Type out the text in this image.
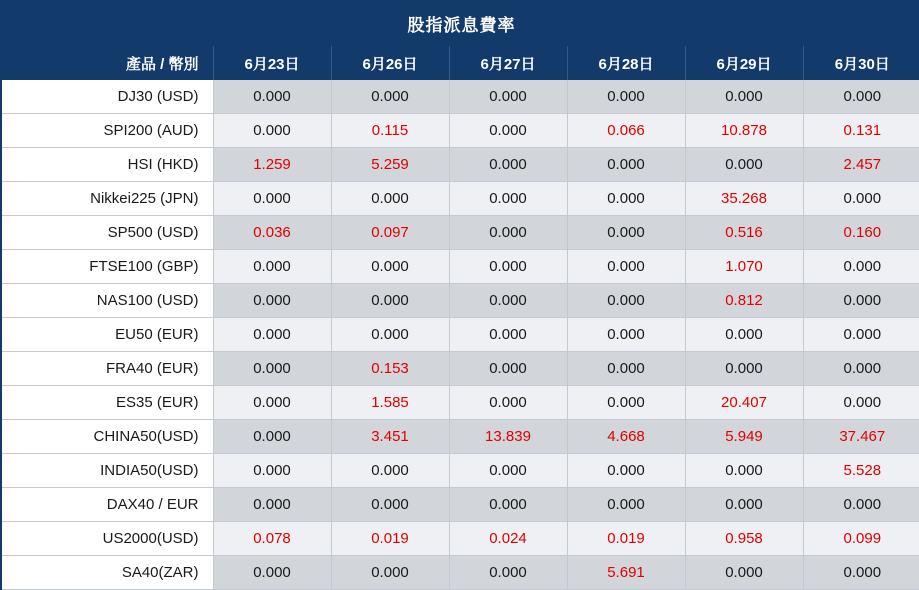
股指派息費率						
產品 / 幣別	6月23日	6月26日	6月27日	6月28日	6月29日	6月30日
DJ30 (USD)	0.000	0.000	0.000	0.000	0.000	0.000
SPI200 (AUD)	0.000	0.115	0.000	0.066	10.878	0.131
HSI (HKD)	1.259	5.259	0.000	0.000	0.000	2.457
Nikkei225 (JPN)	0.000	0.000	0.000	0.000	35.268	0.000
SP500 (USD)	0.036	0.097	0.000	0.000	0.516	0.160
FTSE100 (GBP)	0.000	0.000	0.000	0.000	1.070	0.000
NAS100 (USD)	0.000	0.000	0.000	0.000	0.812	0.000
EU50 (EUR)	0.000	0.000	0.000	0.000	0.000	0.000
FRA40 (EUR)	0.000	0.153	0.000	0.000	0.000	0.000
ES35 (EUR)	0.000	1.585	0.000	0.000	20.407	0.000
CHINA50(USD)	0.000	3.451	13.839	4.668	5.949	37.467
INDIA50(USD)	0.000	0.000	0.000	0.000	0.000	5.528
DAX40 / EUR	0.000	0.000	0.000	0.000	0.000	0.000
US2000(USD)	0.078	0.019	0.024	0.019	0.958	0.099
SA40(ZAR)	0.000	0.000	0.000	5.691	0.000	0.000
